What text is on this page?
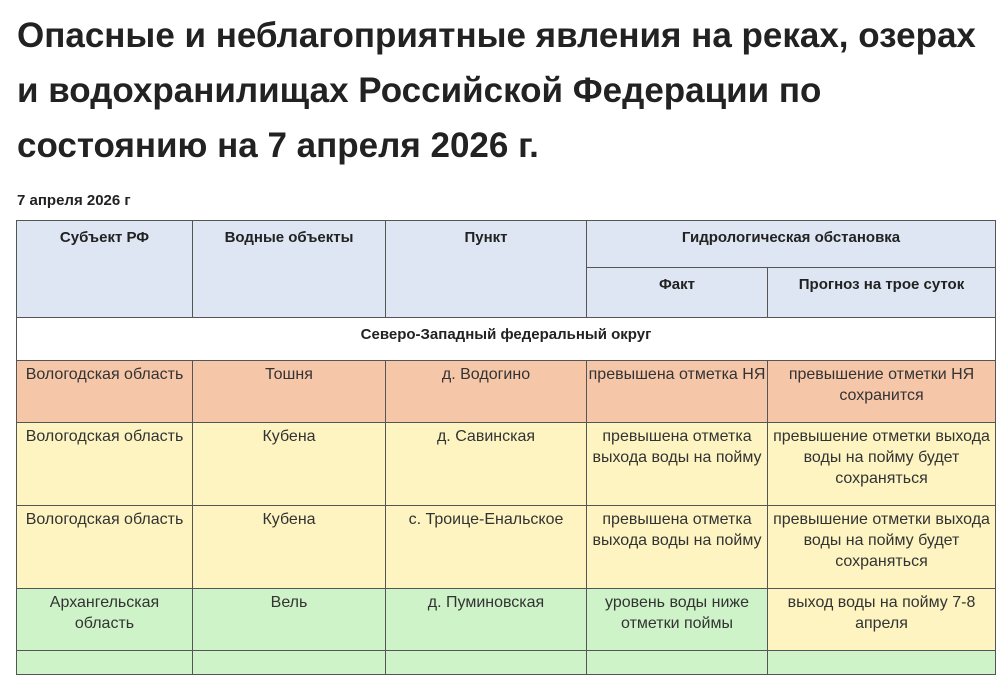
Опасные и неблагоприятные явления на реках, озерах и водохранилищах Российской Федерации по состоянию на 7 апреля 2026 г.
7 апреля 2026 г
Субъект РФ	Водные объекты	Пункт	Гидрологическая обстановка	
			Факт	Прогноз на трое суток
Северо-Западный федеральный округ				
Вологодская область	Тошня	д. Водогино	превышена отметка НЯ	превышение отметки НЯ сохранится
Вологодская область	Кубена	д. Савинская	превышена отметка выхода воды на пойму	превышение отметки выхода воды на пойму будет сохраняться
Вологодская область	Кубена	с. Троице-Енальское	превышена отметка выхода воды на пойму	превышение отметки выхода воды на пойму будет сохраняться
Архангельская область	Вель	д. Пуминовская	уровень воды ниже отметки поймы	выход воды на пойму 7-8 апреля
